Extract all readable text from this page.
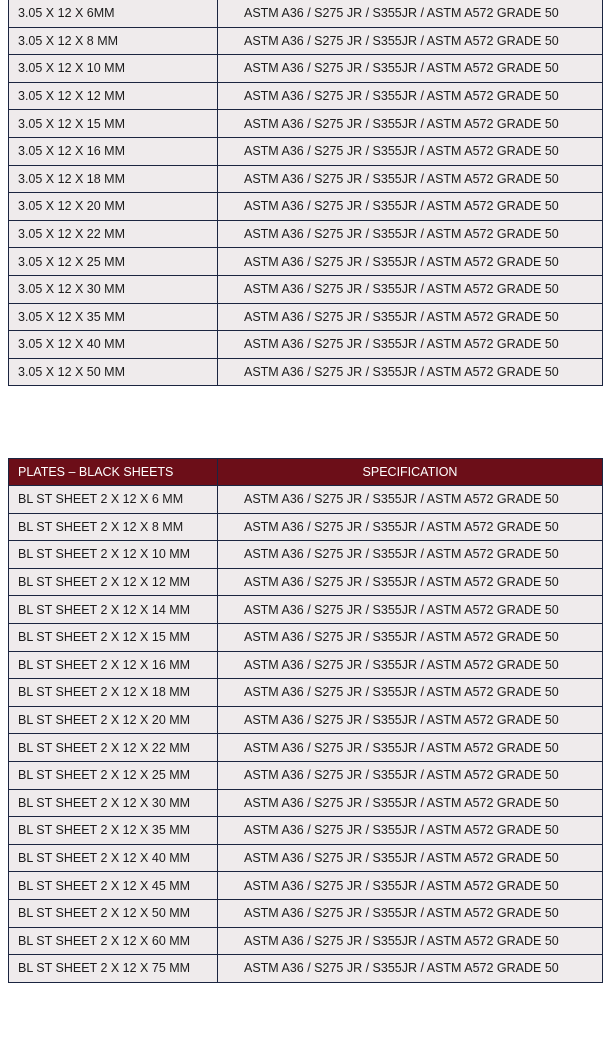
3.05 X 12 X 6MM	ASTM A36 / S275 JR / S355JR / ASTM A572 GRADE 50
3.05 X 12 X 8 MM	ASTM A36 / S275 JR / S355JR / ASTM A572 GRADE 50
3.05 X 12 X 10 MM	ASTM A36 / S275 JR / S355JR / ASTM A572 GRADE 50
3.05 X 12 X 12 MM	ASTM A36 / S275 JR / S355JR / ASTM A572 GRADE 50
3.05 X 12 X 15 MM	ASTM A36 / S275 JR / S355JR / ASTM A572 GRADE 50
3.05 X 12 X 16 MM	ASTM A36 / S275 JR / S355JR / ASTM A572 GRADE 50
3.05 X 12 X 18 MM	ASTM A36 / S275 JR / S355JR / ASTM A572 GRADE 50
3.05 X 12 X 20 MM	ASTM A36 / S275 JR / S355JR / ASTM A572 GRADE 50
3.05 X 12 X 22 MM	ASTM A36 / S275 JR / S355JR / ASTM A572 GRADE 50
3.05 X 12 X 25 MM	ASTM A36 / S275 JR / S355JR / ASTM A572 GRADE 50
3.05 X 12 X 30 MM	ASTM A36 / S275 JR / S355JR / ASTM A572 GRADE 50
3.05 X 12 X 35 MM	ASTM A36 / S275 JR / S355JR / ASTM A572 GRADE 50
3.05 X 12 X 40 MM	ASTM A36 / S275 JR / S355JR / ASTM A572 GRADE 50
3.05 X 12 X 50 MM	ASTM A36 / S275 JR / S355JR / ASTM A572 GRADE 50
PLATES – BLACK SHEETS	SPECIFICATION
BL ST SHEET 2 X 12 X 6 MM	ASTM A36 / S275 JR / S355JR / ASTM A572 GRADE 50
BL ST SHEET 2 X 12 X 8 MM	ASTM A36 / S275 JR / S355JR / ASTM A572 GRADE 50
BL ST SHEET 2 X 12 X 10 MM	ASTM A36 / S275 JR / S355JR / ASTM A572 GRADE 50
BL ST SHEET 2 X 12 X 12 MM	ASTM A36 / S275 JR / S355JR / ASTM A572 GRADE 50
BL ST SHEET 2 X 12 X 14 MM	ASTM A36 / S275 JR / S355JR / ASTM A572 GRADE 50
BL ST SHEET 2 X 12 X 15 MM	ASTM A36 / S275 JR / S355JR / ASTM A572 GRADE 50
BL ST SHEET 2 X 12 X 16 MM	ASTM A36 / S275 JR / S355JR / ASTM A572 GRADE 50
BL ST SHEET 2 X 12 X 18 MM	ASTM A36 / S275 JR / S355JR / ASTM A572 GRADE 50
BL ST SHEET 2 X 12 X 20 MM	ASTM A36 / S275 JR / S355JR / ASTM A572 GRADE 50
BL ST SHEET 2 X 12 X 22 MM	ASTM A36 / S275 JR / S355JR / ASTM A572 GRADE 50
BL ST SHEET 2 X 12 X 25 MM	ASTM A36 / S275 JR / S355JR / ASTM A572 GRADE 50
BL ST SHEET 2 X 12 X 30 MM	ASTM A36 / S275 JR / S355JR / ASTM A572 GRADE 50
BL ST SHEET 2 X 12 X 35 MM	ASTM A36 / S275 JR / S355JR / ASTM A572 GRADE 50
BL ST SHEET 2 X 12 X 40 MM	ASTM A36 / S275 JR / S355JR / ASTM A572 GRADE 50
BL ST SHEET 2 X 12 X 45 MM	ASTM A36 / S275 JR / S355JR / ASTM A572 GRADE 50
BL ST SHEET 2 X 12 X 50 MM	ASTM A36 / S275 JR / S355JR / ASTM A572 GRADE 50
BL ST SHEET 2 X 12 X 60 MM	ASTM A36 / S275 JR / S355JR / ASTM A572 GRADE 50
BL ST SHEET 2 X 12 X 75 MM	ASTM A36 / S275 JR / S355JR / ASTM A572 GRADE 50
